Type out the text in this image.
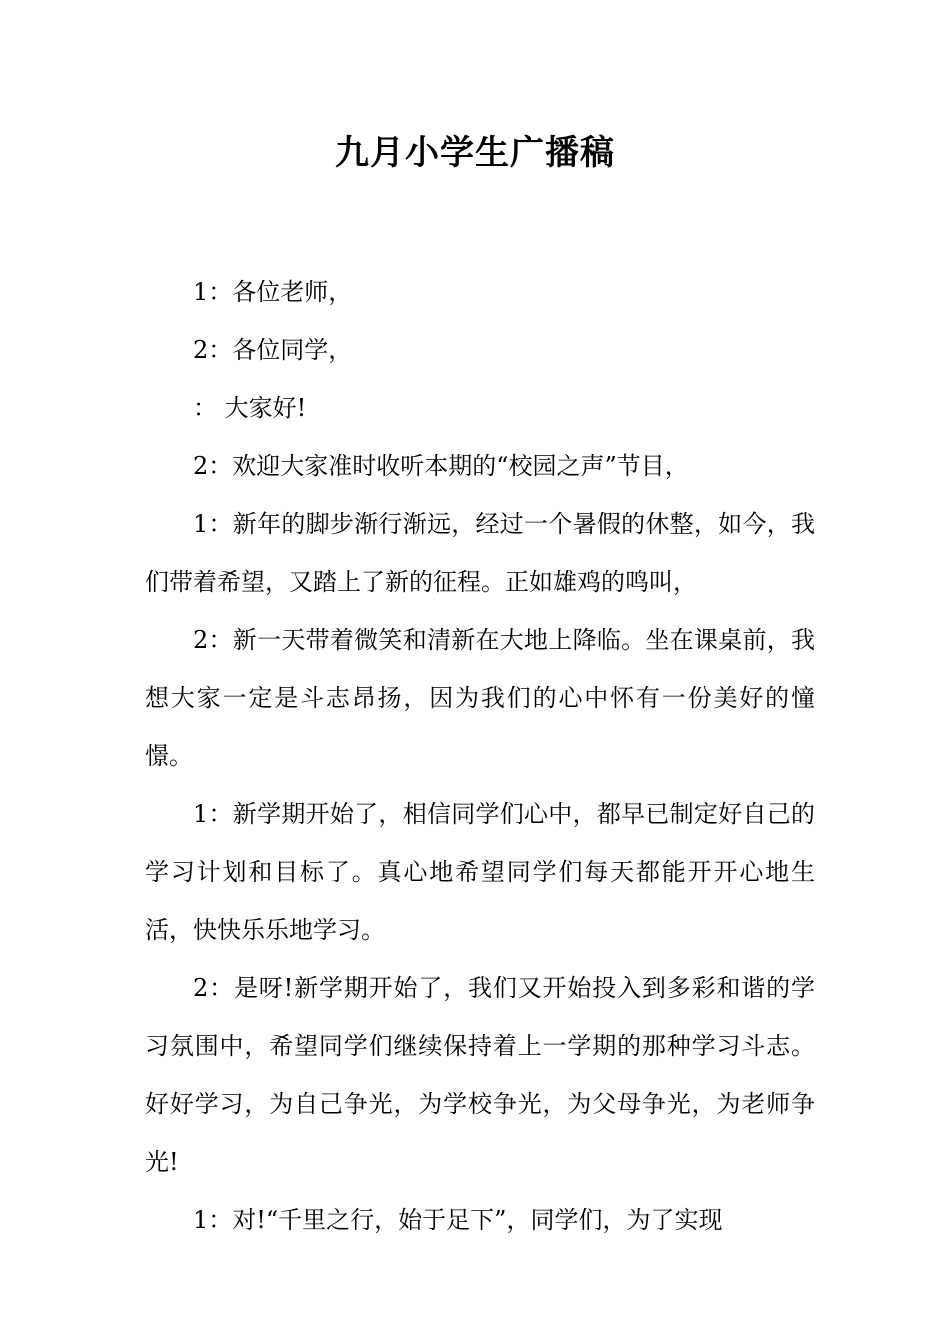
九月小学生广播稿

1：各位老师，

2：各位同学，

： 大家好!

2：欢迎大家准时收听本期的“校园之声”节目，

1：新年的脚步渐行渐远，经过一个暑假的休整，如今，我们带着希望，又踏上了新的征程。正如雄鸡的鸣叫，

2：新一天带着微笑和清新在大地上降临。坐在课桌前，我想大家一定是斗志昂扬，因为我们的心中怀有一份美好的憧憬。

1：新学期开始了，相信同学们心中，都早已制定好自己的学习计划和目标了。真心地希望同学们每天都能开开心地生活，快快乐乐地学习。

2：是呀!新学期开始了，我们又开始投入到多彩和谐的学习氛围中，希望同学们继续保持着上一学期的那种学习斗志。好好学习，为自己争光，为学校争光，为父母争光，为老师争光!

1：对!“千里之行，始于足下”，同学们，为了实现
